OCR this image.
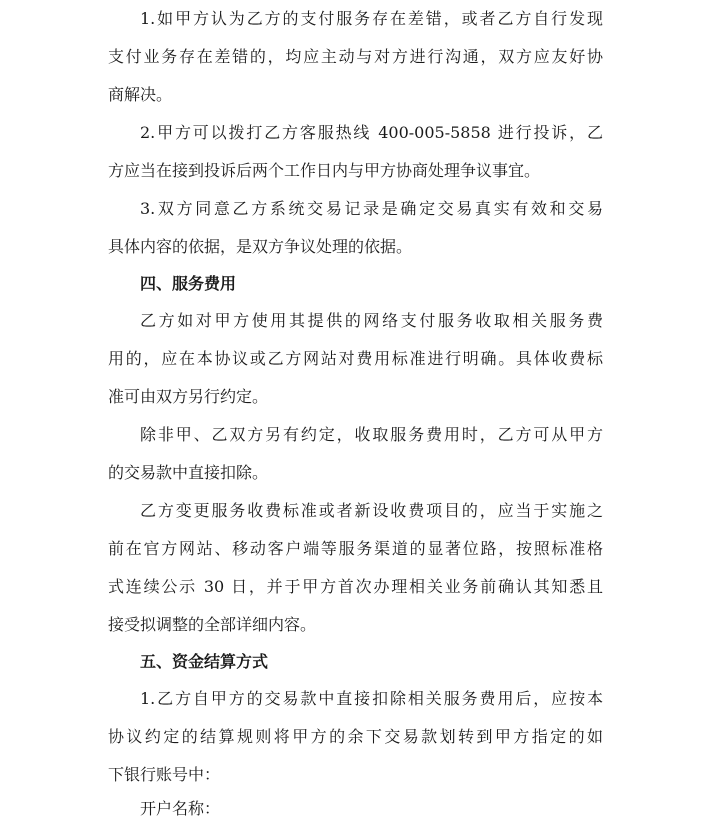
1.如甲方认为乙方的支付服务存在差错，或者乙方自行发现
支付业务存在差错的，均应主动与对方进行沟通，双方应友好协
商解决。
2.甲方可以拨打乙方客服热线 400-005-5858 进行投诉，乙
方应当在接到投诉后两个工作日内与甲方协商处理争议事宜。
3.双方同意乙方系统交易记录是确定交易真实有效和交易
具体内容的依据，是双方争议处理的依据。
四、服务费用
乙方如对甲方使用其提供的网络支付服务收取相关服务费
用的，应在本协议或乙方网站对费用标准进行明确。具体收费标
准可由双方另行约定。
除非甲、乙双方另有约定，收取服务费用时，乙方可从甲方
的交易款中直接扣除。
乙方变更服务收费标准或者新设收费项目的，应当于实施之
前在官方网站、移动客户端等服务渠道的显著位路，按照标准格
式连续公示 30 日，并于甲方首次办理相关业务前确认其知悉且
接受拟调整的全部详细内容。
五、资金结算方式
1.乙方自甲方的交易款中直接扣除相关服务费用后，应按本
协议约定的结算规则将甲方的余下交易款划转到甲方指定的如
下银行账号中：
开户名称：
